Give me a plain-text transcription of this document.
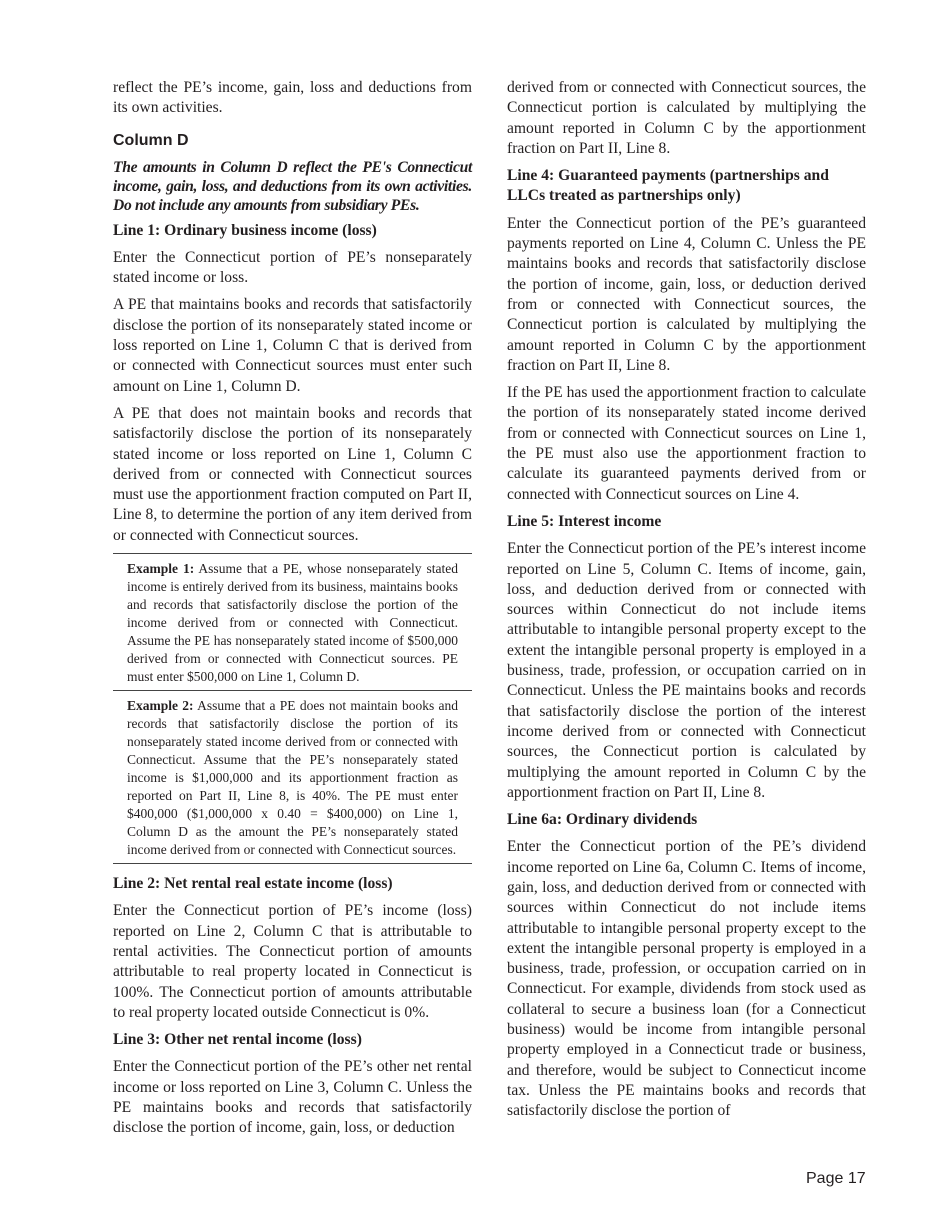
reflect the PE’s income, gain, loss and deductions from its own activities.

Column D

The amounts in Column D reflect the PE's Connecticut income, gain, loss, and deductions from its own activities. Do not include any amounts from subsidiary PEs.

Line 1: Ordinary business income (loss)

Enter the Connecticut portion of PE’s nonseparately stated income or loss.

A PE that maintains books and records that satisfactorily disclose the portion of its nonseparately stated income or loss reported on Line 1, Column C that is derived from or connected with Connecticut sources must enter such amount on Line 1, Column D.

A PE that does not maintain books and records that satisfactorily disclose the portion of its nonseparately stated income or loss reported on Line 1, Column C derived from or connected with Connecticut sources must use the apportionment fraction computed on Part II, Line 8, to determine the portion of any item derived from or connected with Connecticut sources.

Example 1: Assume that a PE, whose nonseparately stated income is entirely derived from its business, maintains books and records that satisfactorily disclose the portion of the income derived from or connected with Connecticut. Assume the PE has nonseparately stated income of $500,000 derived from or connected with Connecticut sources. PE must enter $500,000 on Line 1, Column D.
Example 2: Assume that a PE does not maintain books and records that satisfactorily disclose the portion of its nonseparately stated income derived from or connected with Connecticut. Assume that the PE’s nonseparately stated income is $1,000,000 and its apportionment fraction as reported on Part II, Line 8, is 40%. The PE must enter $400,000 ($1,000,000 x 0.40 = $400,000) on Line 1, Column D as the amount the PE’s nonseparately stated income derived from or connected with Connecticut sources.
Line 2: Net rental real estate income (loss)

Enter the Connecticut portion of PE’s income (loss) reported on Line 2, Column C that is attributable to rental activities. The Connecticut portion of amounts attributable to real property located in Connecticut is 100%. The Connecticut portion of amounts attributable to real property located outside Connecticut is 0%.

Line 3: Other net rental income (loss)

Enter the Connecticut portion of the PE’s other net rental income or loss reported on Line 3, Column C. Unless the PE maintains books and records that satisfactorily disclose the portion of income, gain, loss, or deduction

derived from or connected with Connecticut sources, the Connecticut portion is calculated by multiplying the amount reported in Column C by the apportionment fraction on Part II, Line 8.

Line 4: Guaranteed payments (partnerships and LLCs treated as partnerships only)

Enter the Connecticut portion of the PE’s guaranteed payments reported on Line 4, Column C. Unless the PE maintains books and records that satisfactorily disclose the portion of income, gain, loss, or deduction derived from or connected with Connecticut sources, the Connecticut portion is calculated by multiplying the amount reported in Column C by the apportionment fraction on Part II, Line 8.

If the PE has used the apportionment fraction to calculate the portion of its nonseparately stated income derived from or connected with Connecticut sources on Line 1, the PE must also use the apportionment fraction to calculate its guaranteed payments derived from or connected with Connecticut sources on Line 4.

Line 5: Interest income

Enter the Connecticut portion of the PE’s interest income reported on Line 5, Column C. Items of income, gain, loss, and deduction derived from or connected with sources within Connecticut do not include items attributable to intangible personal property except to the extent the intangible personal property is employed in a business, trade, profession, or occupation carried on in Connecticut. Unless the PE maintains books and records that satisfactorily disclose the portion of the interest income derived from or connected with Connecticut sources, the Connecticut portion is calculated by multiplying the amount reported in Column C by the apportionment fraction on Part II, Line 8.

Line 6a: Ordinary dividends

Enter the Connecticut portion of the PE’s dividend income reported on Line 6a, Column C. Items of income, gain, loss, and deduction derived from or connected with sources within Connecticut do not include items attributable to intangible personal property except to the extent the intangible personal property is employed in a business, trade, profession, or occupation carried on in Connecticut. For example, dividends from stock used as collateral to secure a business loan (for a Connecticut business) would be income from intangible personal property employed in a Connecticut trade or business, and therefore, would be subject to Connecticut income tax. Unless the PE maintains books and records that satisfactorily disclose the portion of

Page 17
